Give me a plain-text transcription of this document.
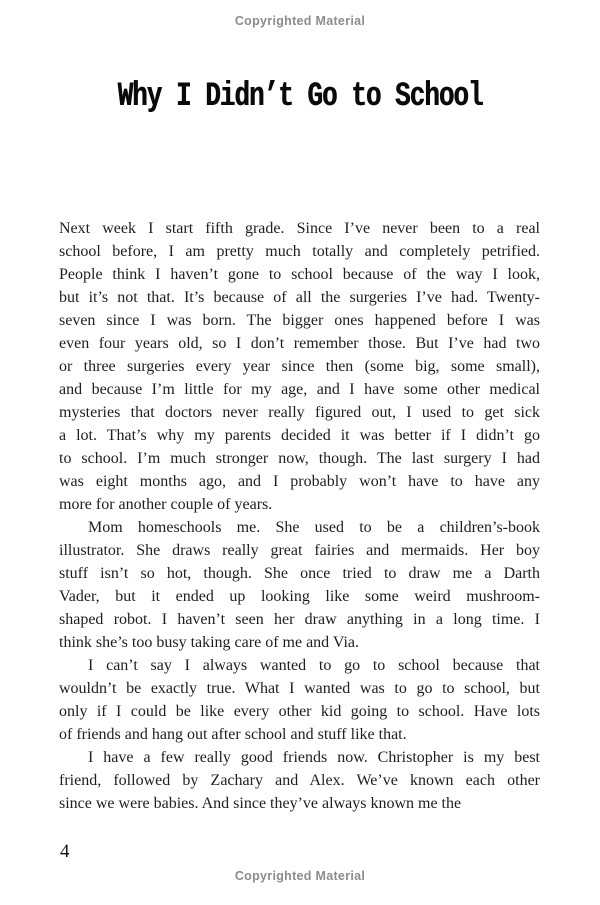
Copyrighted Material
Why I Didn’t Go to School

Next week I start fifth grade. Since I’ve never been to a real
school before, I am pretty much totally and completely petrified.
People think I haven’t gone to school because of the way I look,
but it’s not that. It’s because of all the surgeries I’ve had. Twenty-
seven since I was born. The bigger ones happened before I was
even four years old, so I don’t remember those. But I’ve had two
or three surgeries every year since then (some big, some small),
and because I’m little for my age, and I have some other medical
mysteries that doctors never really figured out, I used to get sick
a lot. That’s why my parents decided it was better if I didn’t go
to school. I’m much stronger now, though. The last surgery I had
was eight months ago, and I probably won’t have to have any
more for another couple of years.

Mom homeschools me. She used to be a children’s-book
illustrator. She draws really great fairies and mermaids. Her boy
stuff isn’t so hot, though. She once tried to draw me a Darth
Vader, but it ended up looking like some weird mushroom-
shaped robot. I haven’t seen her draw anything in a long time. I
think she’s too busy taking care of me and Via.

I can’t say I always wanted to go to school because that
wouldn’t be exactly true. What I wanted was to go to school, but
only if I could be like every other kid going to school. Have lots
of friends and hang out after school and stuff like that.

I have a few really good friends now. Christopher is my best
friend, followed by Zachary and Alex. We’ve known each other
since we were babies. And since they’ve always known me the

4
Copyrighted Material
